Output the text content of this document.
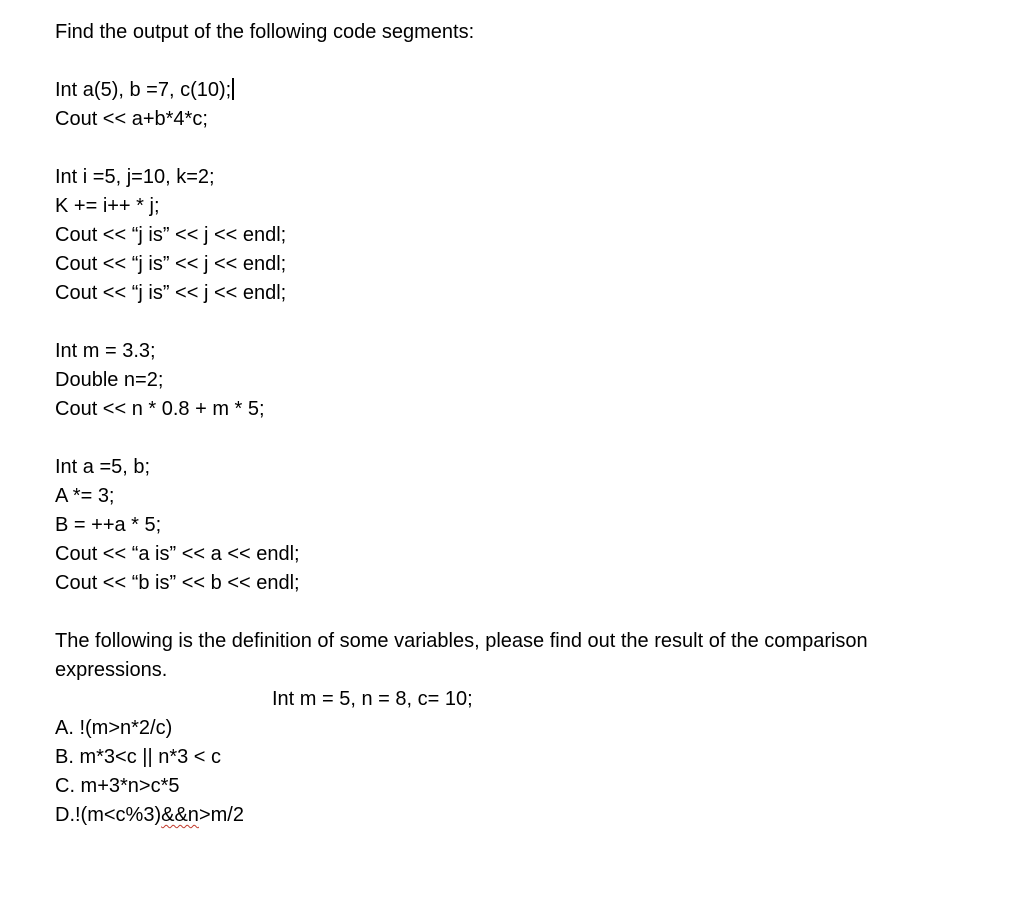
Find the output of the following code segments:
Int a(5), b =7, c(10);
Cout << a+b*4*c;
Int i =5, j=10, k=2;
K += i++ * j;
Cout << “j is” << j << endl;
Cout << “j is” << j << endl;
Cout << “j is” << j << endl;
Int m = 3.3;
Double n=2;
Cout << n * 0.8 + m * 5;
Int a =5, b;
A *= 3;
B = ++a * 5;
Cout << “a is” << a << endl;
Cout << “b is” << b << endl;
The following is the definition of some variables, please find out the result of the comparison expressions.
Int m = 5, n = 8, c= 10;
A. !(m>n*2/c)
B. m*3<c || n*3 < c
C. m+3*n>c*5
D.!(m<c%3)&&n>m/2
